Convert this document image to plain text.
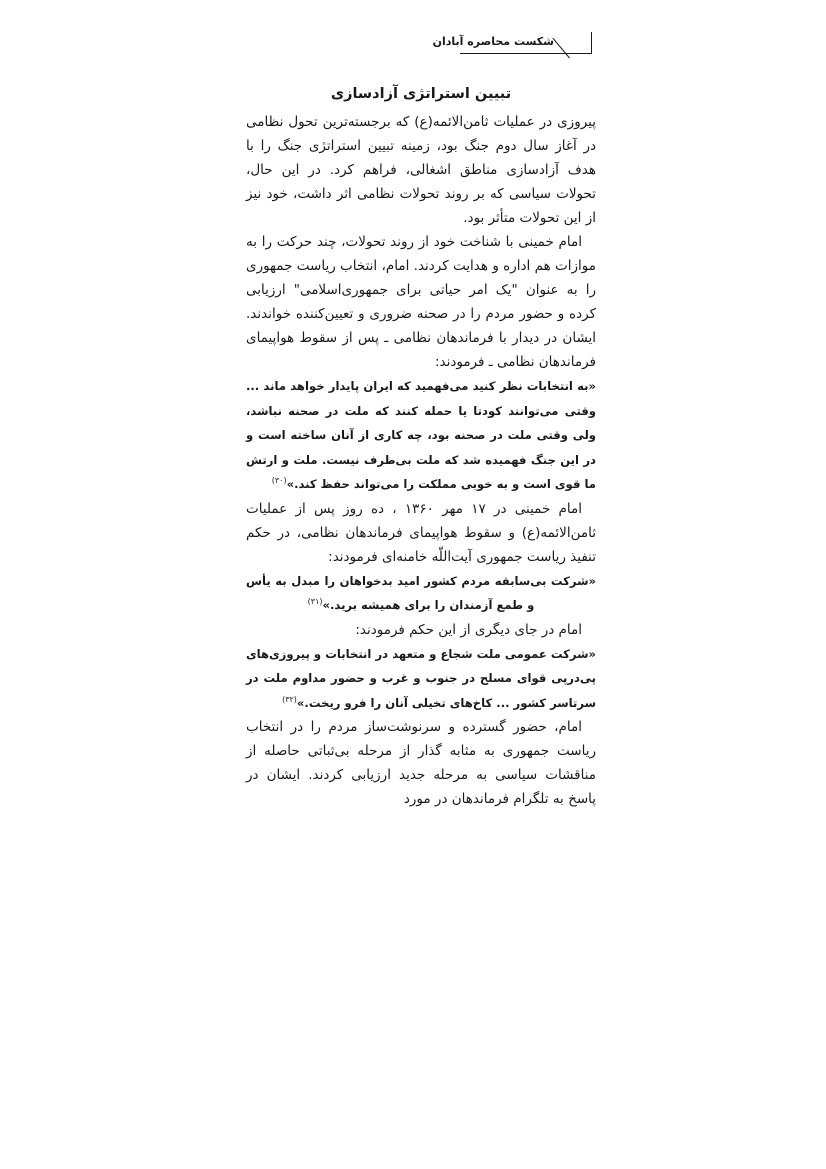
شکست محاصره آبادان
تبیین استراتژی آزادسازی

پیروزی در عملیات ثامن‌الائمه(ع) که برجسته‌ترین تحول نظامی در آغاز سال دوم جنگ بود، زمینه تبیین استراتژی جنگ را با هدف آزادسازی مناطق اشغالی، فراهم کرد. در این حال، تحولات سیاسی که بر روند تحولات نظامی اثر داشت، خود نیز از این تحولات متأثر بود.

امام خمینی با شناخت خود از روند تحولات، چند حرکت را به موازات هم اداره و هدایت کردند. امام، انتخاب ریاست جمهوری را به عنوان "یک امر حیاتی برای جمهوری‌اسلامی" ارزیابی کرده و حضور مردم را در صحنه ضروری و تعیین‌کننده خواندند. ایشان در دیدار با فرماندهان نظامی ـ پس از سقوط هواپیمای فرماندهان نظامی ـ فرمودند:

«به انتخابات نظر کنید می‌فهمید که ایران پایدار خواهد ماند ... وقتی می‌توانند کودتا یا حمله کنند که ملت در صحنه نباشد، ولی وقتی ملت در صحنه بود، چه کاری از آنان ساخته است و در این جنگ فهمیده شد که ملت بی‌طرف نیست. ملت و ارتش ما قوی است و به خوبی مملکت را می‌تواند حفظ کند.»$^{(۳۰)}$

امام خمینی در ۱۷ مهر ۱۳۶۰ ، ده روز پس از عملیات ثامن‌الائمه(ع) و سقوط هواپیمای فرماندهان نظامی، در حکم تنفیذ ریاست جمهوری آیت‌اللّه خامنه‌ای فرمودند:

«شرکت بی‌سابقه مردم کشور امید بدخواهان را مبدل به یأس و طمع آزمندان را برای همیشه برید.»$^{(۳۱)}$

امام در جای دیگری از این حکم فرمودند:

«شرکت عمومی ملت شجاع و متعهد در انتخابات و پیروزی‌های پی‌درپی قوای مسلح در جنوب و غرب و حضور مداوم ملت در سرتاسر کشور ... کاخ‌های تخیلی آنان را فرو ریخت.»$^{(۳۲)}$

امام، حضور گسترده و سرنوشت‌ساز مردم را در انتخاب ریاست جمهوری به مثابه گذار از مرحله بی‌ثباتی حاصله از مناقشات سیاسی به مرحله جدید ارزیابی کردند. ایشان در پاسخ به تلگرام فرماندهان در مورد
